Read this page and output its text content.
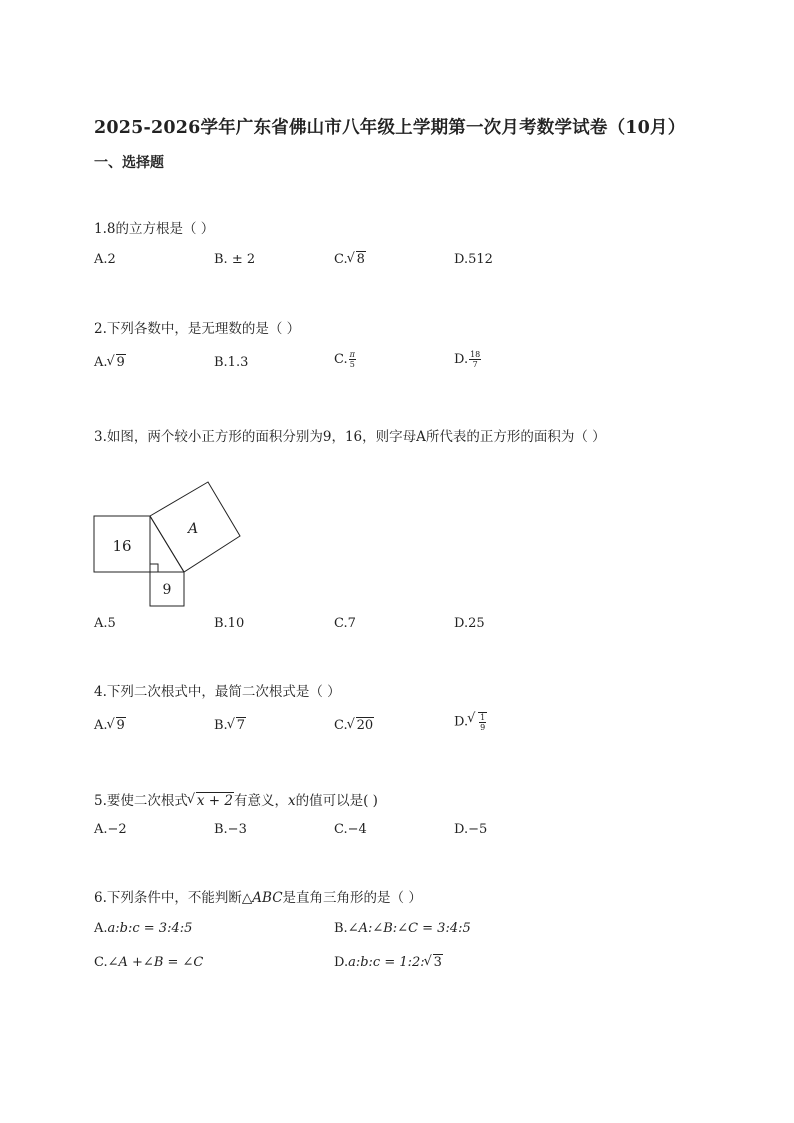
2025-2026学年广东省佛山市八年级上学期第一次月考数学试卷（10月）
一、选择题
1.8的立方根是（ ）
A.2	B. ± 2	C. √ 8	D.512
2.下列各数中，是无理数的是（ ）
A. √ 9	B.1.3	C. $\frac{\pi}{5}$	D. $\frac{18}{7}$
3.如图，两个较小正方形的面积分别为9，16，则字母A所代表的正方形的面积为（ ）
A
16
9
A.5	B.10	C.7	D.25
4.下列二次根式中，最简二次根式是（ ）
A. √ 9	B. √ 7	C. √ 20	D. √ $\frac{1}{9}$
5.要使二次根式 √ x + 2有意义，x的值可以是( )
A.−2	B.−3	C.−4	D.−5
6.下列条件中，不能判断△ABC是直角三角形的是（ ）
A.a:b:c = 3:4:5	B.∠A:∠B:∠C = 3:4:5
C.∠A +∠B = ∠C	D.a:b:c = 1:2: √ 3
